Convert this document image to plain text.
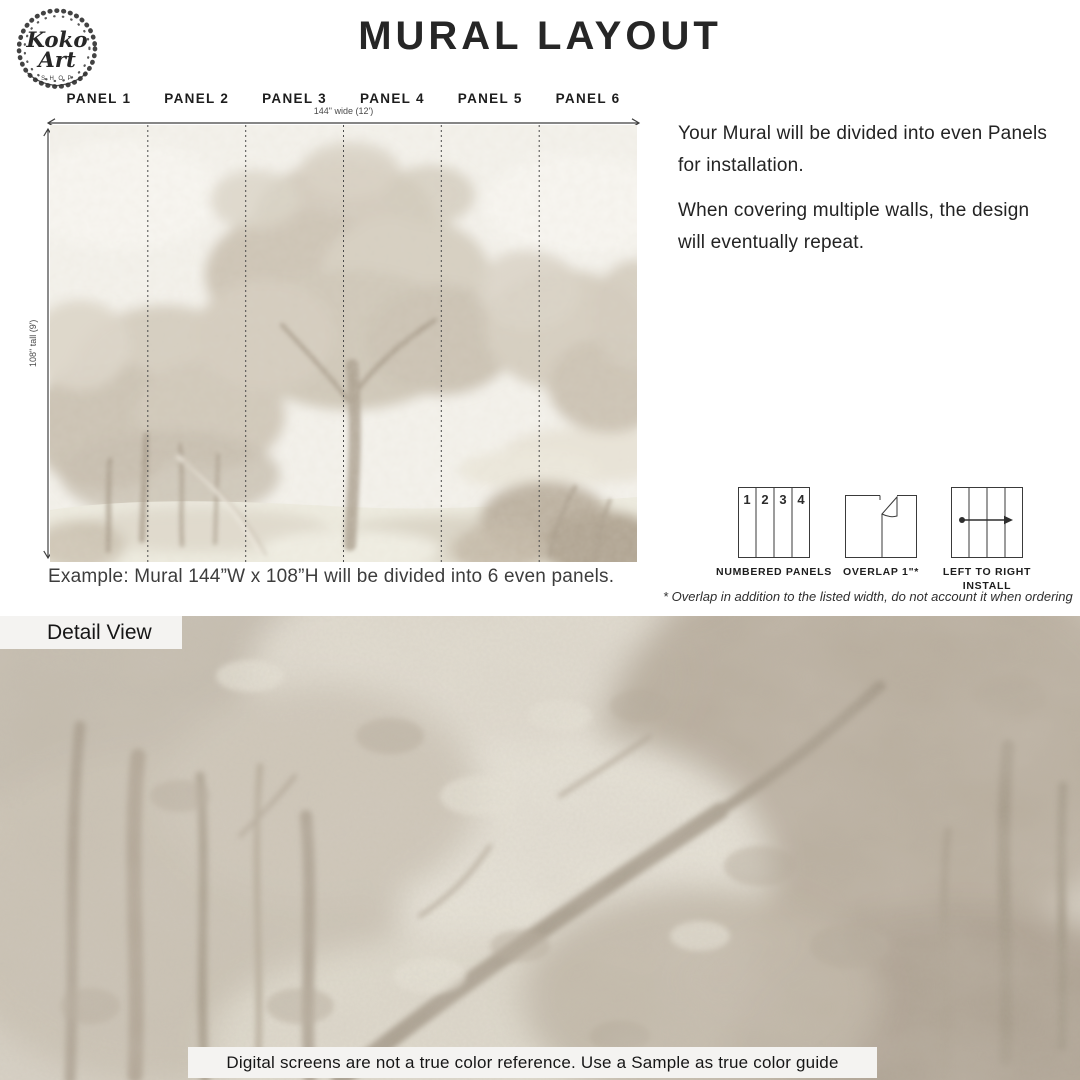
Koko
Art
S H O P
MURAL LAYOUT
PANEL 1	PANEL 2	PANEL 3	PANEL 4	PANEL 5	PANEL 6
144" wide (12')
108" tall (9')
Example: Mural 144”W x 108”H will be divided into 6 even panels.
Your Mural will be divided into even Panels
for installation.
When covering multiple walls, the design
will eventually repeat.
1 2 3 4
NUMBERED PANELS OVERLAP 1"* LEFT TO RIGHT
INSTALL
* Overlap in addition to the listed width, do not account it when ordering
Detail View
Digital screens are not a true color reference. Use a Sample as true color guide
